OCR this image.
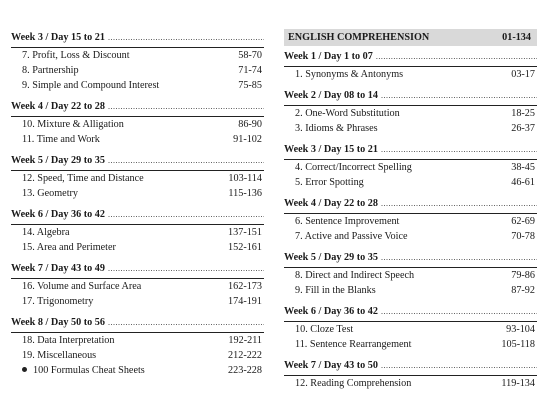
Week 3 / Day 15 to 21
.....
7. Profit, Loss & Discount	58-70
8. Partnership	71-74
9. Simple and Compound Interest	75-85
Week 4 / Day 22 to 28
.....
10. Mixture & Alligation	86-90
11. Time and Work	91-102
Week 5 / Day 29 to 35
.....
12. Speed, Time and Distance	103-114
13. Geometry	115-136
Week 6 / Day 36 to 42
.....
14. Algebra	137-151
15. Area and Perimeter	152-161
Week 7 / Day 43 to 49
.....
16. Volume and Surface Area	162-173
17. Trigonometry	174-191
Week 8 / Day 50 to 56
.....
18. Data Interpretation	192-211
19. Miscellaneous	212-222
100 Formulas Cheat Sheets	223-228
ENGLISH COMPREHENSION	01-134
Week 1 / Day 1 to 07
.....
1. Synonyms & Antonyms	03-17
Week 2 / Day 08 to 14
.....
2. One-Word Substitution	18-25
3. Idioms & Phrases	26-37
Week 3 / Day 15 to 21
.....
4. Correct/Incorrect Spelling	38-45
5. Error Spotting	46-61
Week 4 / Day 22 to 28
.....
6. Sentence Improvement	62-69
7. Active and Passive Voice	70-78
Week 5 / Day 29 to 35
.....
8. Direct and Indirect Speech	79-86
9. Fill in the Blanks	87-92
Week 6 / Day 36 to 42
.....
10. Cloze Test	93-104
11. Sentence Rearrangement	105-118
Week 7 / Day 43 to 50
.....
12. Reading Comprehension	119-134
